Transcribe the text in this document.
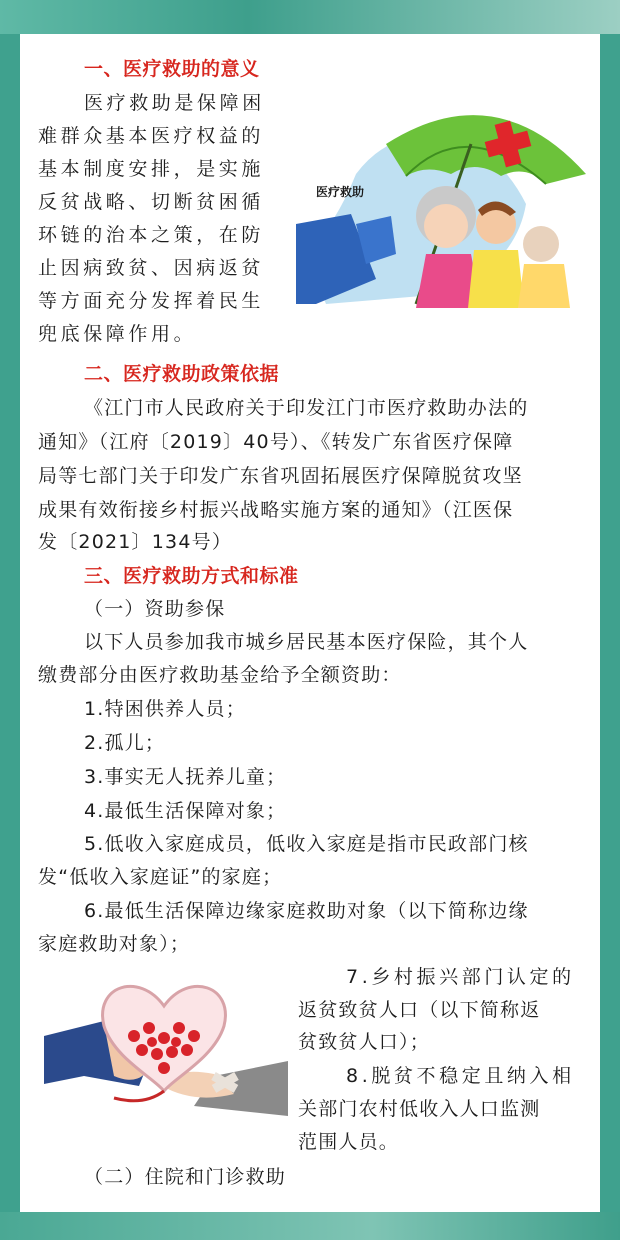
一、医疗救助的意义
医疗救助是保障困
难群众基本医疗权益的
基本制度安排，是实施
反贫战略、切断贫困循
环链的治本之策，在防
止因病致贫、因病返贫
等方面充分发挥着民生
兜底保障作用。
医疗救助
二、医疗救助政策依据
《江门市人民政府关于印发江门市医疗救助办法的
通知》（江府〔2019〕40号）、《转发广东省医疗保障
局等七部门关于印发广东省巩固拓展医疗保障脱贫攻坚
成果有效衔接乡村振兴战略实施方案的通知》（江医保
发〔2021〕134号）
三、医疗救助方式和标准
（一）资助参保
以下人员参加我市城乡居民基本医疗保险，其个人
缴费部分由医疗救助基金给予全额资助：
1.特困供养人员；
2.孤儿；
3.事实无人抚养儿童；
4.最低生活保障对象；
5.低收入家庭成员，低收入家庭是指市民政部门核
发“低收入家庭证”的家庭；
6.最低生活保障边缘家庭救助对象（以下简称边缘
家庭救助对象）；
7.乡村振兴部门认定的
返贫致贫人口（以下简称返
贫致贫人口）；
8.脱贫不稳定且纳入相
关部门农村低收入人口监测
范围人员。
（二）住院和门诊救助
